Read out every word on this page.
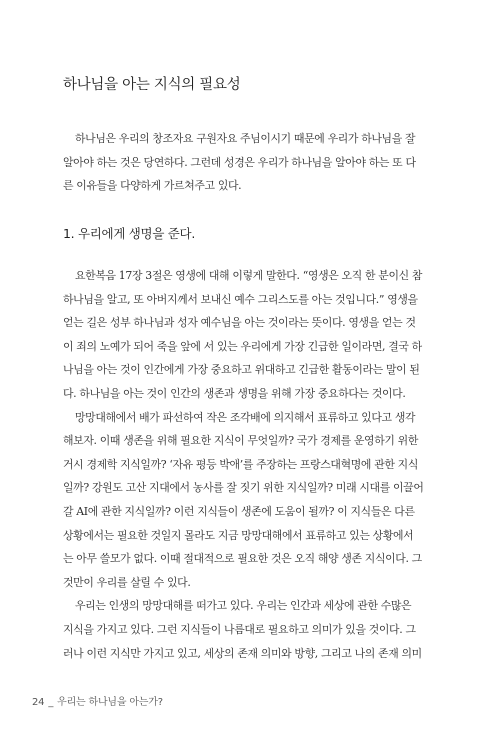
하나님을 아는 지식의 필요성
하나님은 우리의 창조자요 구원자요 주님이시기 때문에 우리가 하나님을 잘
알아야 하는 것은 당연하다. 그런데 성경은 우리가 하나님을 알아야 하는 또 다
른 이유들을 다양하게 가르쳐주고 있다.
1. 우리에게 생명을 준다.
요한복음 17장 3절은 영생에 대해 이렇게 말한다. “영생은 오직 한 분이신 참
하나님을 알고, 또 아버지께서 보내신 예수 그리스도를 아는 것입니다.” 영생을
얻는 길은 성부 하나님과 성자 예수님을 아는 것이라는 뜻이다. 영생을 얻는 것
이 죄의 노예가 되어 죽을 앞에 서 있는 우리에게 가장 긴급한 일이라면, 결국 하
나님을 아는 것이 인간에게 가장 중요하고 위대하고 긴급한 활동이라는 말이 된
다. 하나님을 아는 것이 인간의 생존과 생명을 위해 가장 중요하다는 것이다.
망망대해에서 배가 파선하여 작은 조각배에 의지해서 표류하고 있다고 생각
해보자. 이때 생존을 위해 필요한 지식이 무엇일까? 국가 경제를 운영하기 위한
거시 경제학 지식일까? ‘자유 평등 박애’를 주장하는 프랑스대혁명에 관한 지식
일까? 강원도 고산 지대에서 농사를 잘 짓기 위한 지식일까? 미래 시대를 이끌어
갈 AI에 관한 지식일까? 이런 지식들이 생존에 도움이 될까? 이 지식들은 다른
상황에서는 필요한 것일지 몰라도 지금 망망대해에서 표류하고 있는 상황에서
는 아무 쓸모가 없다. 이때 절대적으로 필요한 것은 오직 해양 생존 지식이다. 그
것만이 우리를 살릴 수 있다.
우리는 인생의 망망대해를 떠가고 있다. 우리는 인간과 세상에 관한 수많은
지식을 가지고 있다. 그런 지식들이 나름대로 필요하고 의미가 있을 것이다. 그
러나 이런 지식만 가지고 있고, 세상의 존재 의미와 방향, 그리고 나의 존재 의미
24 _ 우리는 하나님을 아는가?
